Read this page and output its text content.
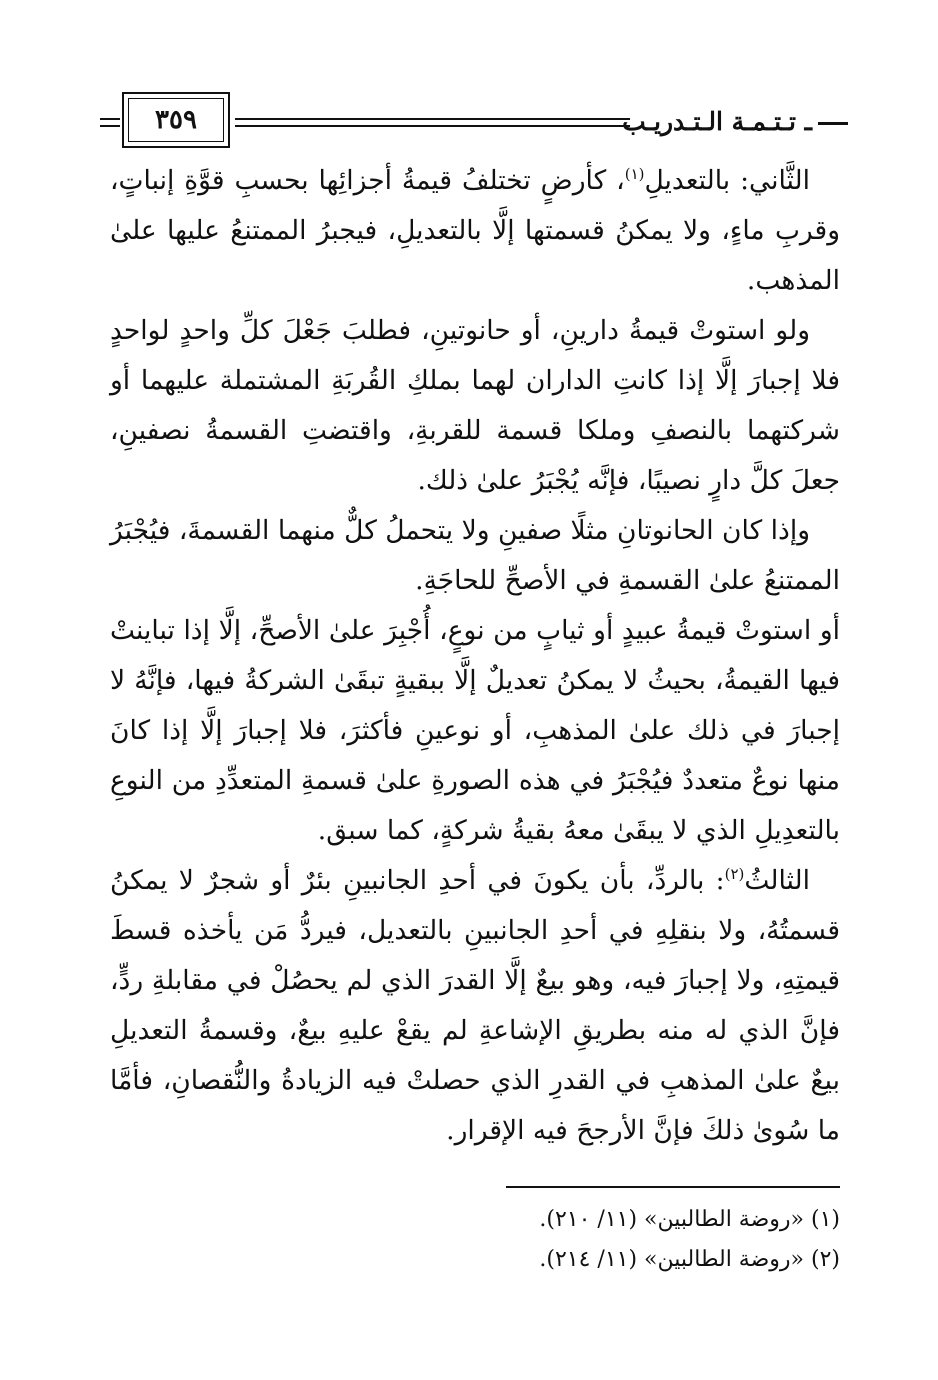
ـ تـتـمـة الـتـدريـب
٣٥٩

الثَّاني: بالتعديلِ$^{(١)}$، كأرضٍ تختلفُ قيمةُ أجزائِها بحسبِ قوَّةِ إنباتٍ، وقربِ ماءٍ، ولا يمكنُ قسمتها إلَّا بالتعديلِ، فيجبرُ الممتنعُ عليها علىٰ المذهب.

ولو استوتْ قيمةُ دارينِ، أو حانوتينِ، فطلبَ جَعْلَ كلِّ واحدٍ لواحدٍ فلا إجبارَ إلَّا إذا كانتِ الداران لهما بملكِ القُربَةِ المشتملة عليهما أو شركتهما بالنصفِ وملكا قسمة للقربةِ، واقتضتِ القسمةُ نصفينِ، جعلَ كلَّ دارٍ نصيبًا، فإنَّه يُجْبَرُ علىٰ ذلك.

وإذا كان الحانوتانِ مثلًا صفينِ ولا يتحملُ كلٌّ منهما القسمةَ، فيُجْبَرُ الممتنعُ علىٰ القسمةِ في الأصحِّ للحاجَةِ.

أو استوتْ قيمةُ عبيدٍ أو ثيابٍ من نوعٍ، أُجْبِرَ علىٰ الأصحِّ، إلَّا إذا تباينتْ فيها القيمةُ، بحيثُ لا يمكنُ تعديلٌ إلَّا ببقيةٍ تبقَىٰ الشركةُ فيها، فإنَّهُ لا إجبارَ في ذلك علىٰ المذهبِ، أو نوعينِ فأكثرَ، فلا إجبارَ إلَّا إذا كانَ منها نوعٌ متعددٌ فيُجْبَرُ في هذه الصورةِ علىٰ قسمةِ المتعدِّدِ من النوعِ بالتعدِيلِ الذي لا يبقَىٰ معهُ بقيةُ شركةٍ، كما سبق.

الثالثُ$^{(٢)}$: بالردِّ، بأن يكونَ في أحدِ الجانبينِ بئرٌ أو شجرٌ لا يمكنُ قسمتُهُ، ولا بنقلِهِ في أحدِ الجانبينِ بالتعديل، فيردُّ مَن يأخذه قسطَ قيمتِهِ، ولا إجبارَ فيه، وهو بيعٌ إلَّا القدرَ الذي لم يحصُلْ في مقابلةِ ردٍّ، فإنَّ الذي له منه بطريقِ الإشاعةِ لم يقعْ عليهِ بيعٌ، وقسمةُ التعديلِ بيعٌ علىٰ المذهبِ في القدرِ الذي حصلتْ فيه الزيادةُ والنُّقصانِ، فأمَّا ما سُوىٰ ذلكَ فإنَّ الأرجحَ فيه الإقرار.

(١) «روضة الطالبين» (١١/ ٢١٠).

(٢) «روضة الطالبين» (١١/ ٢١٤).
